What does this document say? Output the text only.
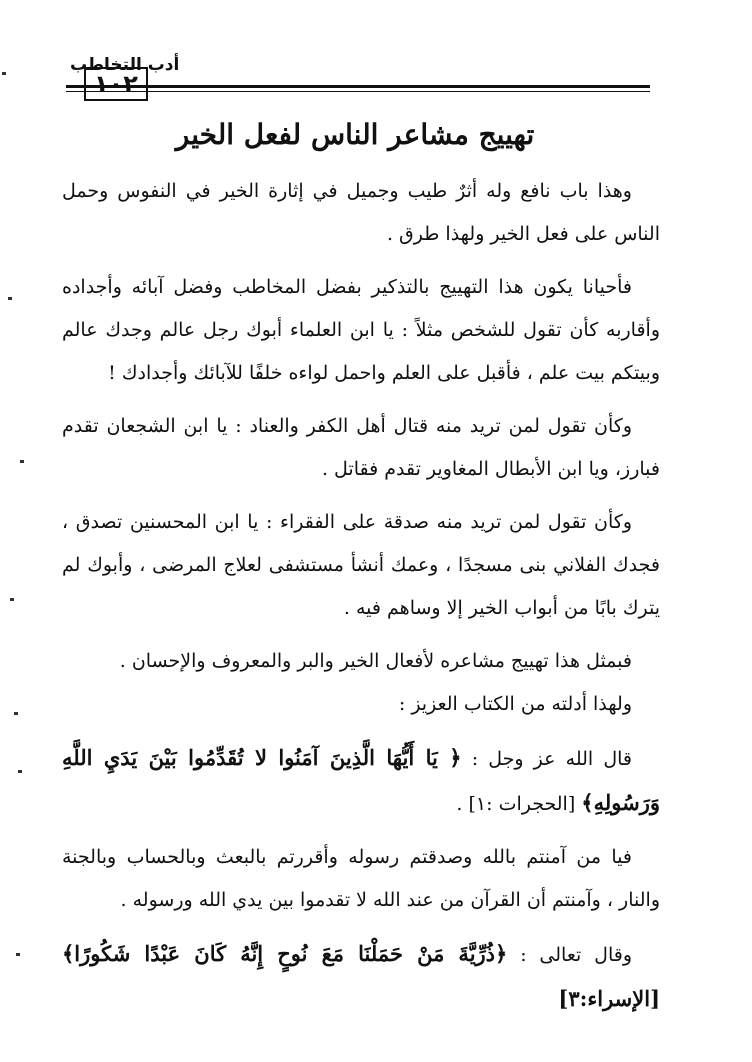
١٠٢
أدب التخاطب
تهييج مشاعر الناس لفعل الخير

وهذا باب نافع وله أثرٌ طيب وجميل في إثارة الخير في النفوس وحمل الناس على فعل الخير ولهذا طرق .

فأحيانا يكون هذا التهييج بالتذكير بفضل المخاطب وفضل آبائه وأجداده وأقاربه كأن تقول للشخص مثلاً : يا ابن العلماء أبوك رجل عالم وجدك عالم وبيتكم بيت علم ، فأقبل على العلم واحمل لواءه خلفًا للآبائك وأجدادك !

وكأن تقول لمن تريد منه قتال أهل الكفر والعناد : يا ابن الشجعان تقدم فبارز، ويا ابن الأبطال المغاوير تقدم فقاتل .

وكأن تقول لمن تريد منه صدقة على الفقراء : يا ابن المحسنين تصدق ، فجدك الفلاني بنى مسجدًا ، وعمك أنشأ مستشفى لعلاج المرضى ، وأبوك لم يترك بابًا من أبواب الخير إلا وساهم فيه .

فبمثل هذا تهييج مشاعره لأفعال الخير والبر والمعروف والإحسان .

ولهذا أدلته من الكتاب العزيز :

قال الله عز وجل : ﴿ يَا أَيُّهَا الَّذِينَ آمَنُوا لا تُقَدِّمُوا بَيْنَ يَدَيِ اللَّهِ وَرَسُولِهِ﴾ [الحجرات :١] .

فيا من آمنتم بالله وصدقتم رسوله وأقررتم بالبعث وبالحساب وبالجنة والنار ، وآمنتم أن القرآن من عند الله لا تقدموا بين يدي الله ورسوله .

وقال تعالى : ﴿ذُرِّيَّةَ مَنْ حَمَلْنَا مَعَ نُوحٍ إِنَّهُ كَانَ عَبْدًا شَكُورًا﴾ [الإسراء:٣]
